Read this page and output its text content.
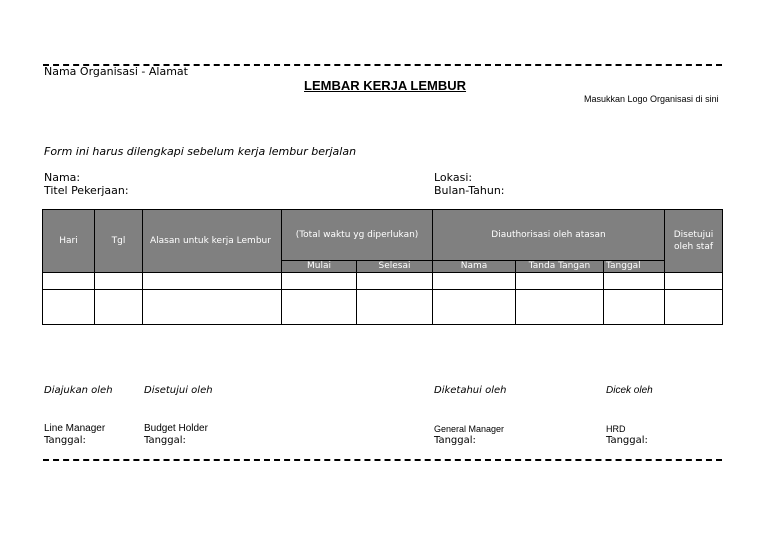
Nama Organisasi - Alamat
LEMBAR KERJA LEMBUR
Masukkan Logo Organisasi di sini
Form ini harus dilengkapi sebelum kerja lembur berjalan
Nama:
Titel Pekerjaan:
Lokasi:
Bulan-Tahun:
Hari	Tgl	Alasan untuk kerja Lembur	(Total waktu yg diperlukan)		Diauthorisasi oleh atasan			Disetujui oleh staf
			Mulai	Selesai	Nama	Tanda Tangan	Tanggal	

Diajukan oleh	Disetujui oleh	Diketahui oleh	Dicek oleh
Line Manager	Budget Holder	General Manager	HRD
Tanggal:	Tanggal:	Tanggal:	Tanggal:
